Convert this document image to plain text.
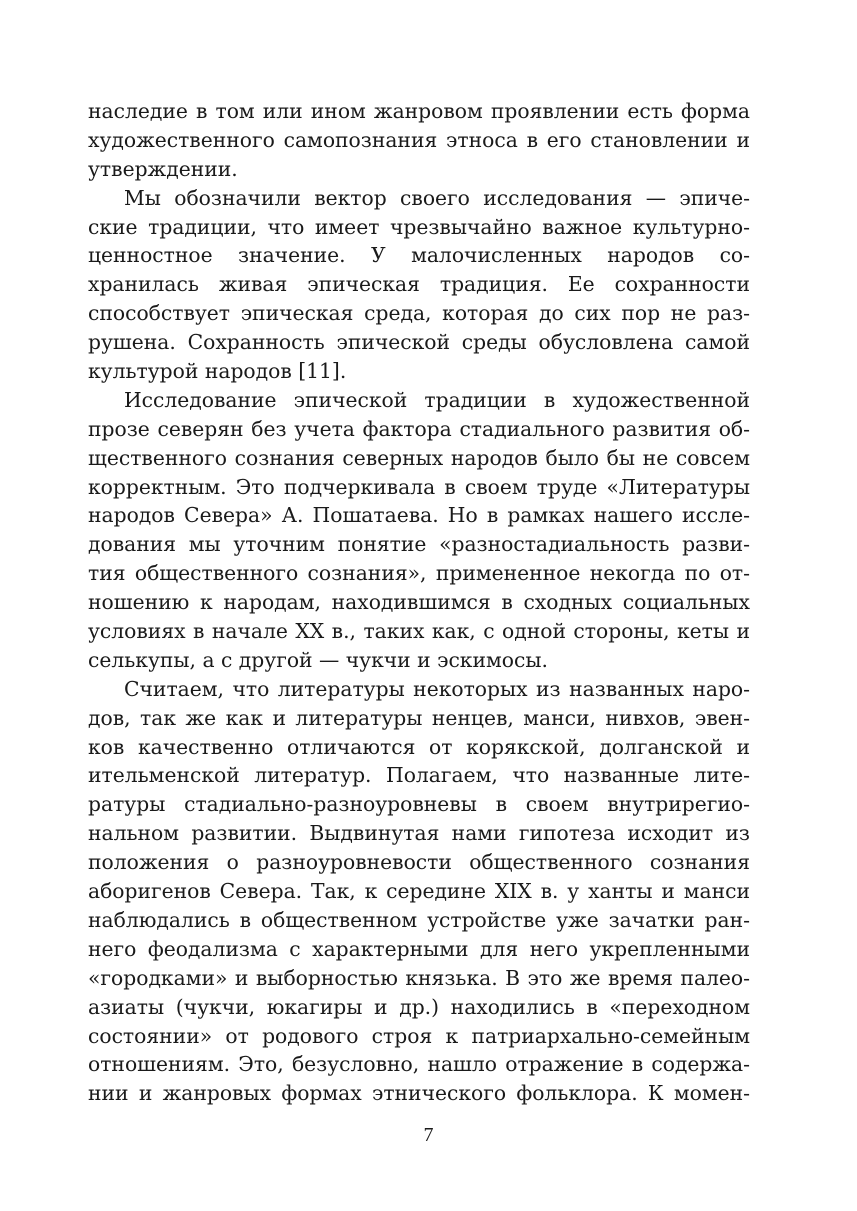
наследие в том или ином жанровом проявлении есть форма
художественного самопознания этноса в его становлении и
утверждении.
Мы обозначили вектор своего исследования — эпиче-
ские традиции, что имеет чрезвычайно важное культурно-
ценностное значение. У малочисленных народов со-
хранилась живая эпическая традиция. Ее сохранности
способствует эпическая среда, которая до сих пор не раз-
рушена. Сохранность эпической среды обусловлена самой
культурой народов [11].
Исследование эпической традиции в художественной
прозе северян без учета фактора стадиального развития об-
щественного сознания северных народов было бы не совсем
корректным. Это подчеркивала в своем труде «Литературы
народов Севера» А. Пошатаева. Но в рамках нашего иссле-
дования мы уточним понятие «разностадиальность разви-
тия общественного сознания», примененное некогда по от-
ношению к народам, находившимся в сходных социальных
условиях в начале XX в., таких как, с одной стороны, кеты и
селькупы, а с другой — чукчи и эскимосы.
Считаем, что литературы некоторых из названных наро-
дов, так же как и литературы ненцев, манси, нивхов, эвен-
ков качественно отличаются от корякской, долганской и
ительменской литератур. Полагаем, что названные лите-
ратуры стадиально-разноуровневы в своем внутрирегио-
нальном развитии. Выдвинутая нами гипотеза исходит из
положения о разноуровневости общественного сознания
аборигенов Севера. Так, к середине XIX в. у ханты и манси
наблюдались в общественном устройстве уже зачатки ран-
него феодализма с характерными для него укрепленными
«городками» и выборностью князька. В это же время палео-
азиаты (чукчи, юкагиры и др.) находились в «переходном
состоянии» от родового строя к патриархально-семейным
отношениям. Это, безусловно, нашло отражение в содержа-
нии и жанровых формах этнического фольклора. К момен-
7
